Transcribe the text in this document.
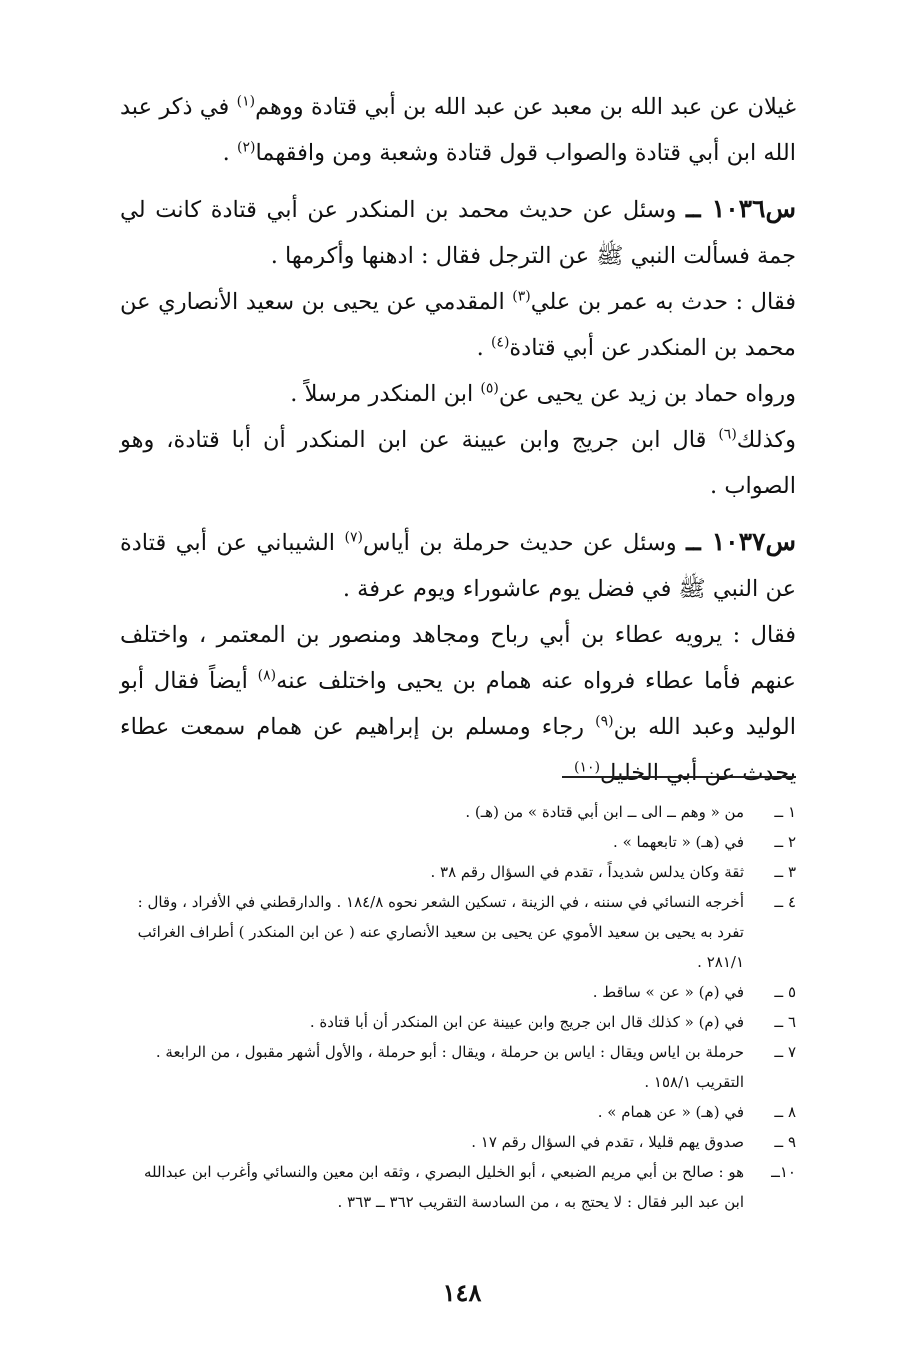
غيلان عن عبد الله بن معبد عن عبد الله بن أبي قتادة ووهم$^{(١)}$ في ذكر عبد الله ابن أبي قتادة والصواب قول قتادة وشعبة ومن وافقهما$^{(٢)}$ .

س١٠٣٦ ــ وسئل عن حديث محمد بن المنكدر عن أبي قتادة كانت لي جمة فسألت النبي ﷺ عن الترجل فقال : ادهنها وأكرمها .

فقال : حدث به عمر بن علي$^{(٣)}$ المقدمي عن يحيى بن سعيد الأنصاري عن محمد بن المنكدر عن أبي قتادة$^{(٤)}$ .

ورواه حماد بن زيد عن يحيى عن$^{(٥)}$ ابن المنكدر مرسلاً .

وكذلك$^{(٦)}$ قال ابن جريج وابن عيينة عن ابن المنكدر أن أبا قتادة، وهو الصواب .

س١٠٣٧ ــ وسئل عن حديث حرملة بن أياس$^{(٧)}$ الشيباني عن أبي قتادة عن النبي ﷺ في فضل يوم عاشوراء ويوم عرفة .

فقال : يرويه عطاء بن أبي رباح ومجاهد ومنصور بن المعتمر ، واختلف عنهم فأما عطاء فرواه عنه همام بن يحيى واختلف عنه$^{(٨)}$ أيضاً فقال أبو الوليد وعبد الله بن$^{(٩)}$ رجاء ومسلم بن إبراهيم عن همام سمعت عطاء يحدث عن أبي الخليل$^{(١٠)}$

١ ــ
من « وهم ــ الى ــ ابن أبي قتادة » من (هـ) .
٢ ــ
في (هـ) « تابعهما » .
٣ ــ
ثقة وكان يدلس شديداً ، تقدم في السؤال رقم ٣٨ .
٤ ــ
أخرجه النسائي في سننه ، في الزينة ، تسكين الشعر نحوه ١٨٤/٨ . والدارقطني في الأفراد ، وقال : تفرد به يحيى بن سعيد الأموي عن يحيى بن سعيد الأنصاري عنه ( عن ابن المنكدر ) أطراف الغرائب ٢٨١/١ .
٥ ــ
في (م) « عن » ساقط .
٦ ــ
في (م) « كذلك قال ابن جريج وابن عيينة عن ابن المنكدر أن أبا قتادة .
٧ ــ
حرملة بن اياس ويقال : اياس بن حرملة ، ويقال : أبو حرملة ، والأول أشهر مقبول ، من الرابعة . التقريب ١٥٨/١ .
٨ ــ
في (هـ) « عن همام » .
٩ ــ
صدوق يهم قليلا ، تقدم في السؤال رقم ١٧ .
١٠ــ
هو : صالح بن أبي مريم الضبعي ، أبو الخليل البصري ، وثقه ابن معين والنسائي وأغرب ابن عبدالله ابن عبد البر فقال : لا يحتج به ، من السادسة التقريب ٣٦٢ ــ ٣٦٣ .
١٤٨
